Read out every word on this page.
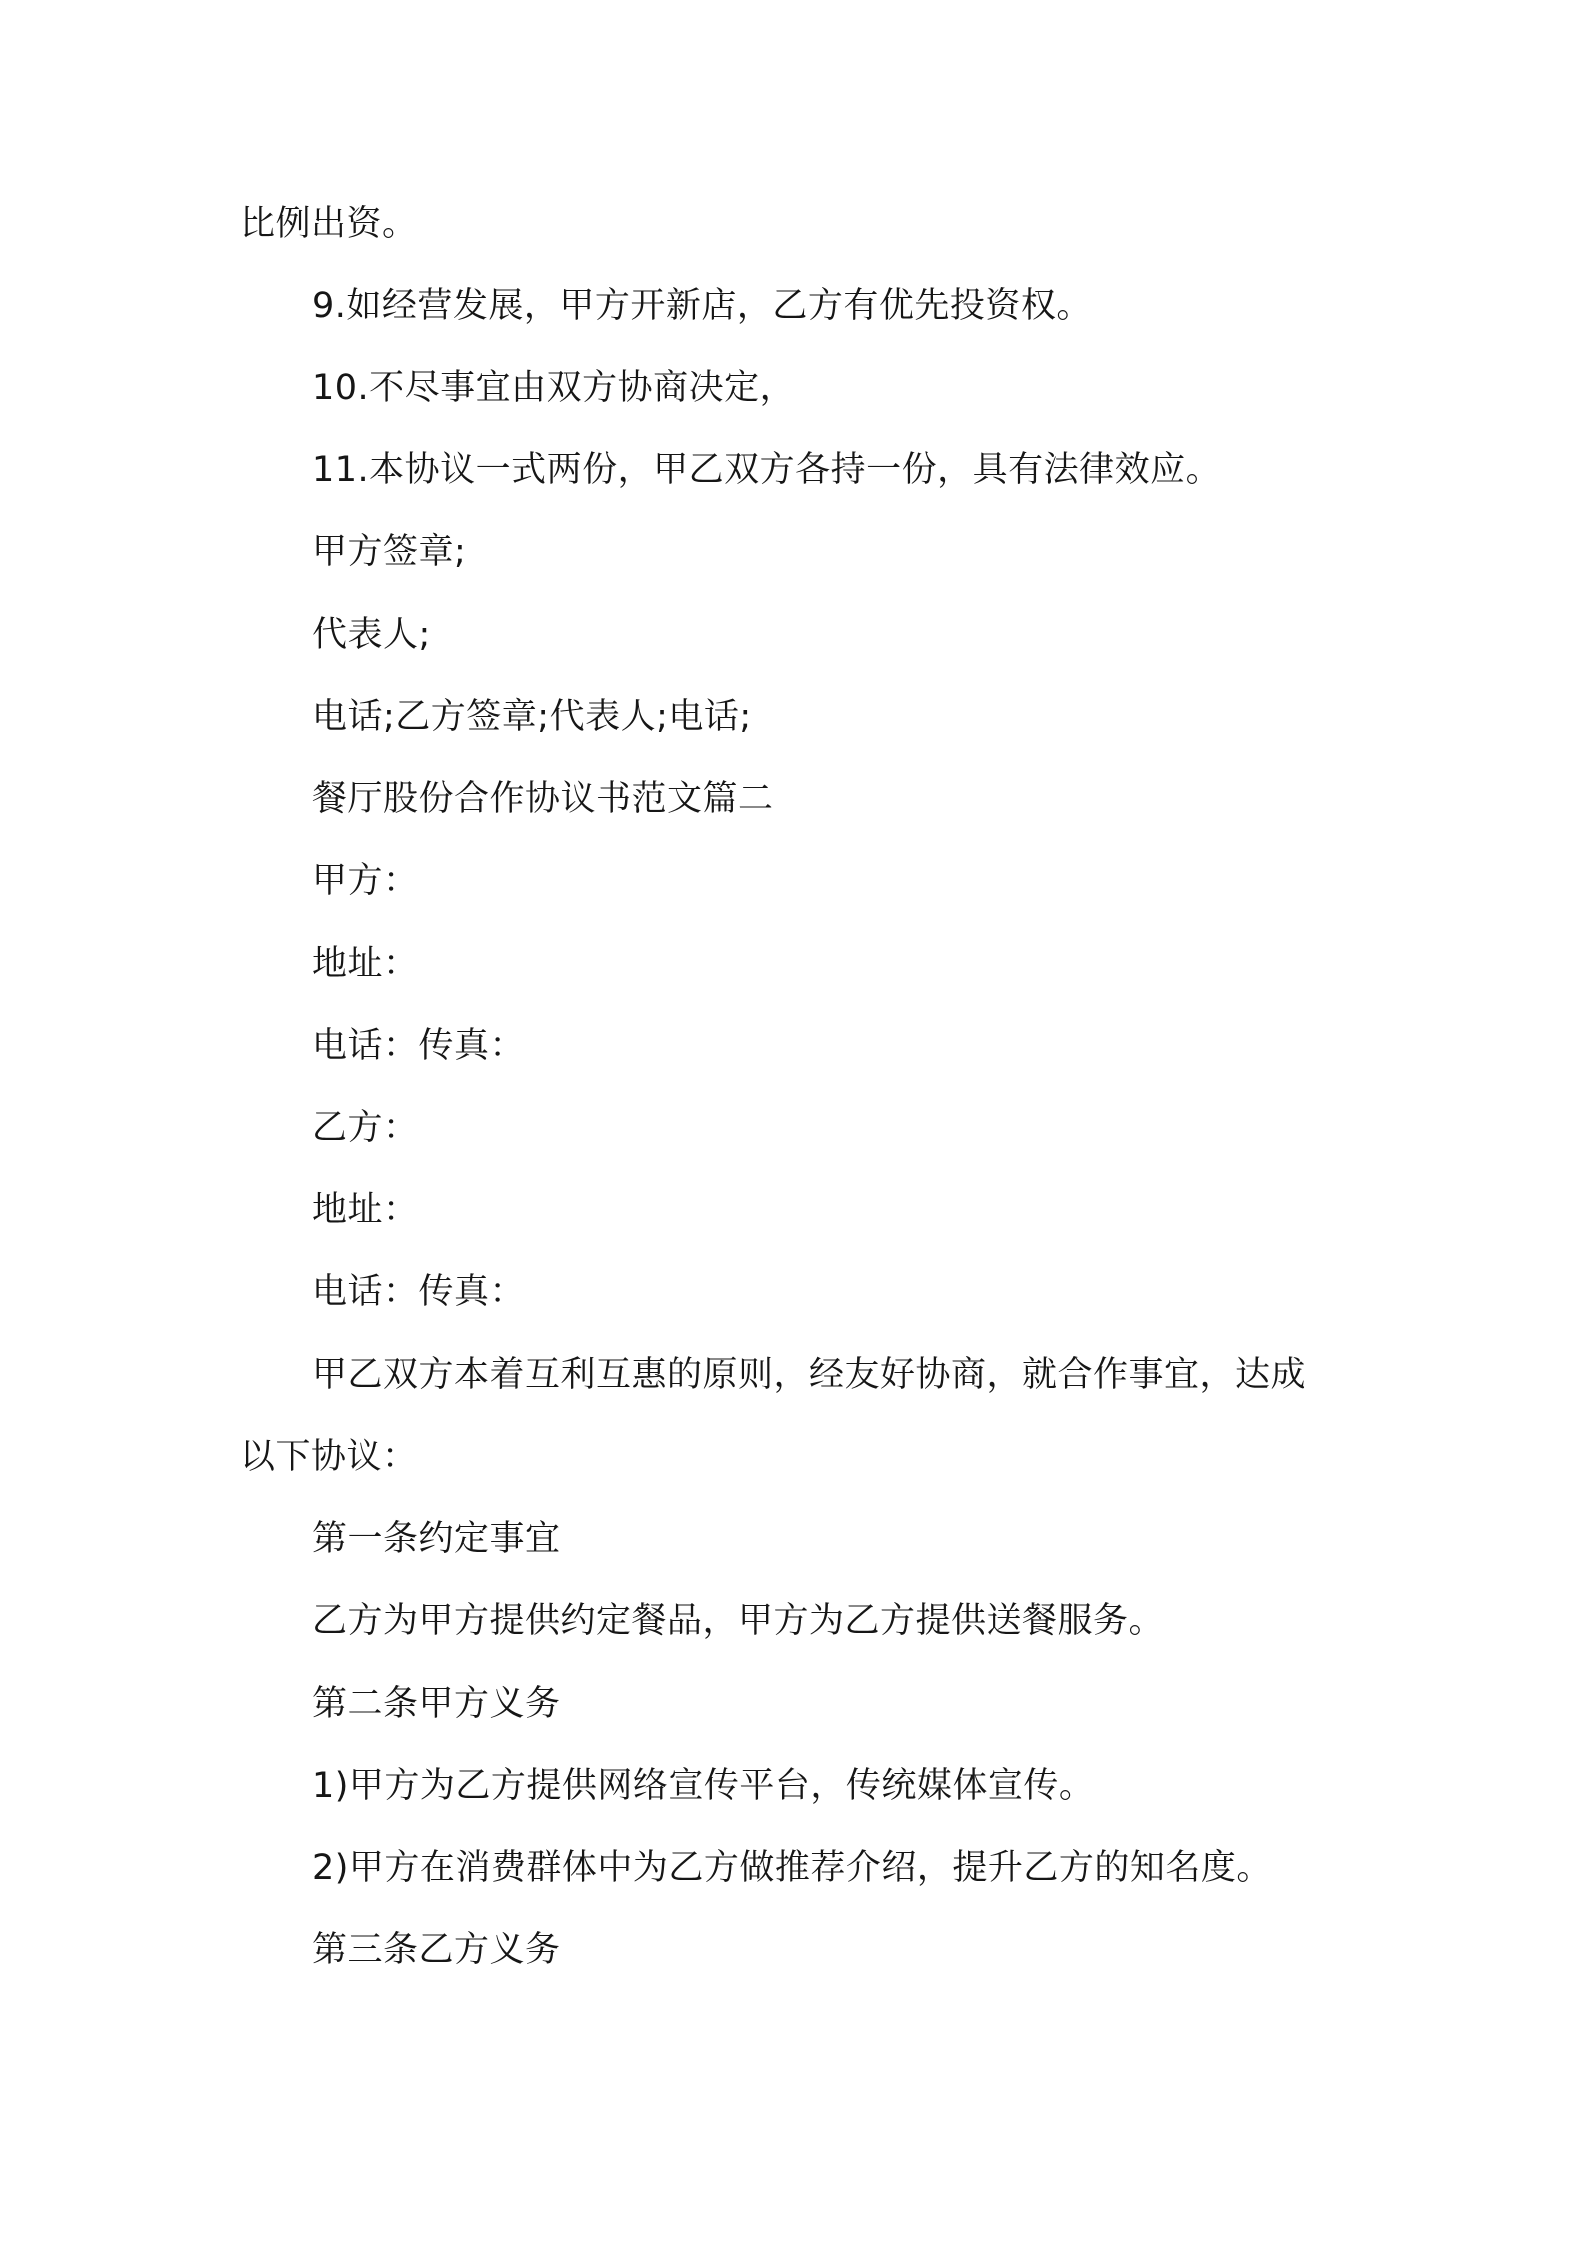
比例出资。

9.如经营发展，甲方开新店，乙方有优先投资权。

10.不尽事宜由双方协商决定，

11.本协议一式两份，甲乙双方各持一份，具有法律效应。

甲方签章;

代表人;

电话;乙方签章;代表人;电话;

餐厅股份合作协议书范文篇二

甲方：

地址：

电话：传真：

乙方：

地址：

电话：传真：

甲乙双方本着互利互惠的原则，经友好协商，就合作事宜，达成

以下协议：

第一条约定事宜

乙方为甲方提供约定餐品，甲方为乙方提供送餐服务。

第二条甲方义务

1)甲方为乙方提供网络宣传平台，传统媒体宣传。

2)甲方在消费群体中为乙方做推荐介绍，提升乙方的知名度。

第三条乙方义务
